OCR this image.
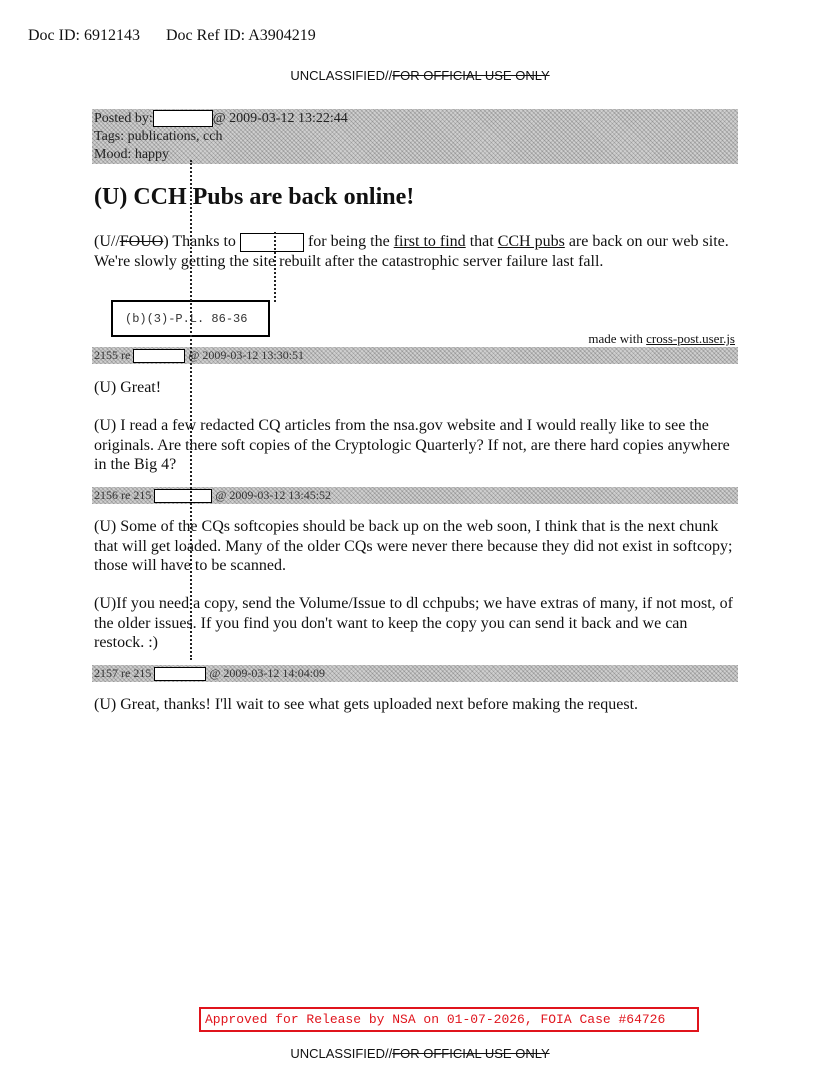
Doc ID: 6912143 Doc Ref ID: A3904219
UNCLASSIFIED//FOR OFFICIAL USE ONLY
Posted by:	@ 2009-03-12 13:22:44
Tags: publications, cch
Mood: happy
(U) CCH Pubs are back online!
(U//FOUO) Thanks to	for being the first to find that CCH pubs are back on our web site. We're slowly getting the site rebuilt after the catastrophic server failure last fall.
(b)(3)-P.L. 86-36
made with cross-post.user.js
2155 re	@ 2009-03-12 13:30:51
(U) Great!
(U) I read a few redacted CQ articles from the nsa.gov website and I would really like to see the originals. Are there soft copies of the Cryptologic Quarterly? If not, are there hard copies anywhere in the Big 4?
2156 re 215	@ 2009-03-12 13:45:52
(U) Some of the CQs softcopies should be back up on the web soon, I think that is the next chunk that will get loaded. Many of the older CQs were never there because they did not exist in softcopy; those will have to be scanned.
(U)If you need a copy, send the Volume/Issue to dl cchpubs; we have extras of many, if not most, of the older issues. If you find you don't want to keep the copy you can send it back and we can restock. :)
2157 re 215	@ 2009-03-12 14:04:09
(U) Great, thanks! I'll wait to see what gets uploaded next before making the request.
Approved for Release by NSA on 01-07-2026, FOIA Case #64726
UNCLASSIFIED//FOR OFFICIAL USE ONLY
